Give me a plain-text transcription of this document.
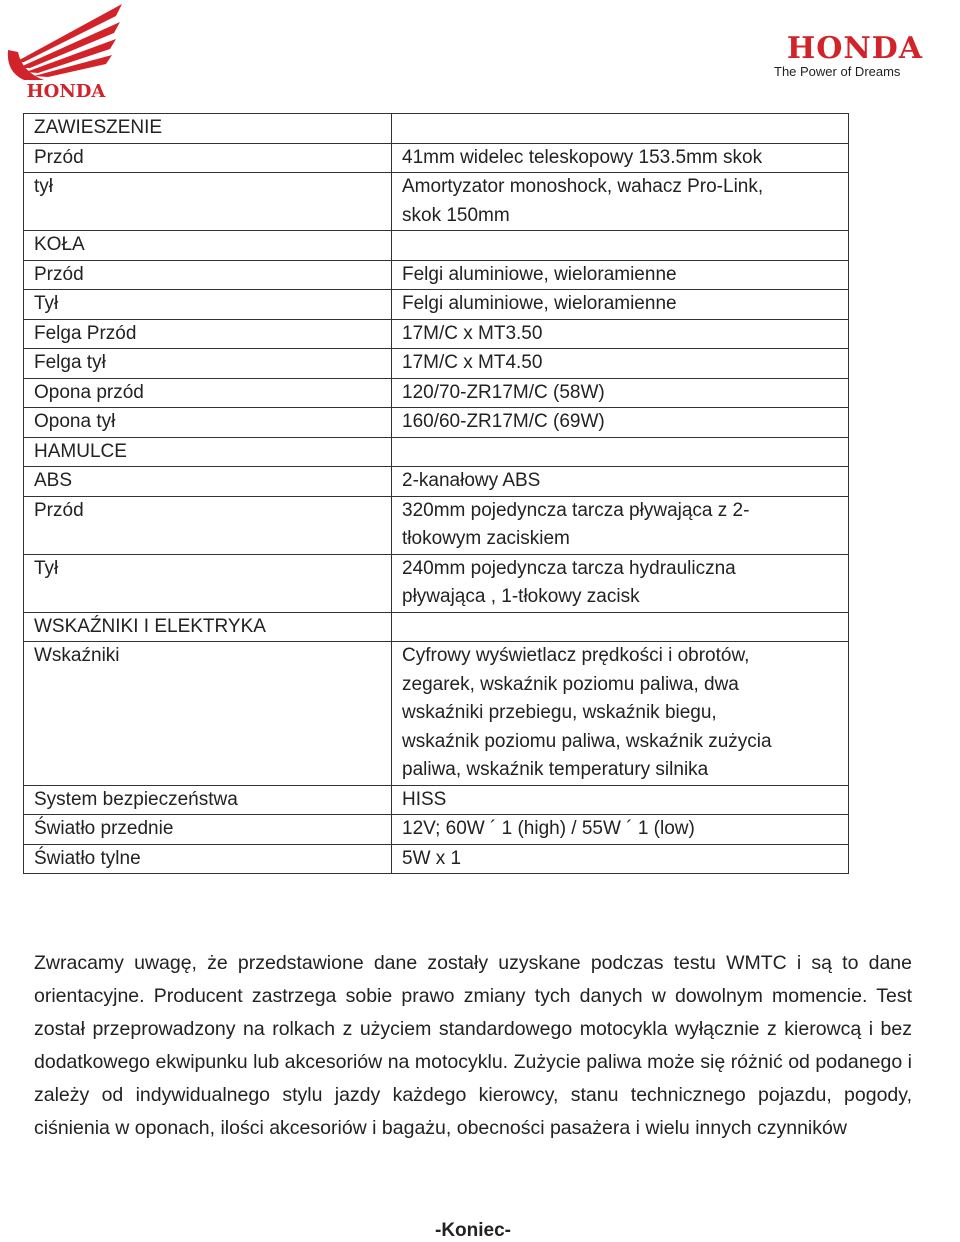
HONDA
HONDA
The Power of Dreams
ZAWIESZENIE	
Przód	41mm widelec teleskopowy 153.5mm skok
tył	Amortyzator monoshock, wahacz Pro-Link,
skok 150mm
KOŁA	
Przód	Felgi aluminiowe, wieloramienne
Tył	Felgi aluminiowe, wieloramienne
Felga Przód	17M/C x MT3.50
Felga tył	17M/C x MT4.50
Opona przód	120/70-ZR17M/C (58W)
Opona tył	160/60-ZR17M/C (69W)
HAMULCE	
ABS	2-kanałowy ABS
Przód	320mm pojedyncza tarcza pływająca z 2-
tłokowym zaciskiem
Tył	240mm pojedyncza tarcza hydrauliczna
pływająca , 1-tłokowy zacisk
WSKAŹNIKI I ELEKTRYKA	
Wskaźniki	Cyfrowy wyświetlacz prędkości i obrotów,
zegarek, wskaźnik poziomu paliwa, dwa
wskaźniki przebiegu, wskaźnik biegu,
wskaźnik poziomu paliwa, wskaźnik zużycia
paliwa, wskaźnik temperatury silnika

System bezpieczeństwa	HISS
Światło przednie	12V; 60W ´ 1 (high) / 55W ´ 1 (low)
Światło tylne	5W x 1
Zwracamy uwagę, że przedstawione dane zostały uzyskane podczas testu WMTC i są to dane orientacyjne. Producent zastrzega sobie prawo zmiany tych danych w dowolnym momencie. Test został przeprowadzony na rolkach z użyciem standardowego motocykla wyłącznie z kierowcą i bez dodatkowego ekwipunku lub akcesoriów na motocyklu. Zużycie paliwa może się różnić od podanego i zależy od indywidualnego stylu jazdy każdego kierowcy, stanu technicznego pojazdu, pogody, ciśnienia w oponach, ilości akcesoriów i bagażu, obecności pasażera i wielu innych czynników
-Koniec-
